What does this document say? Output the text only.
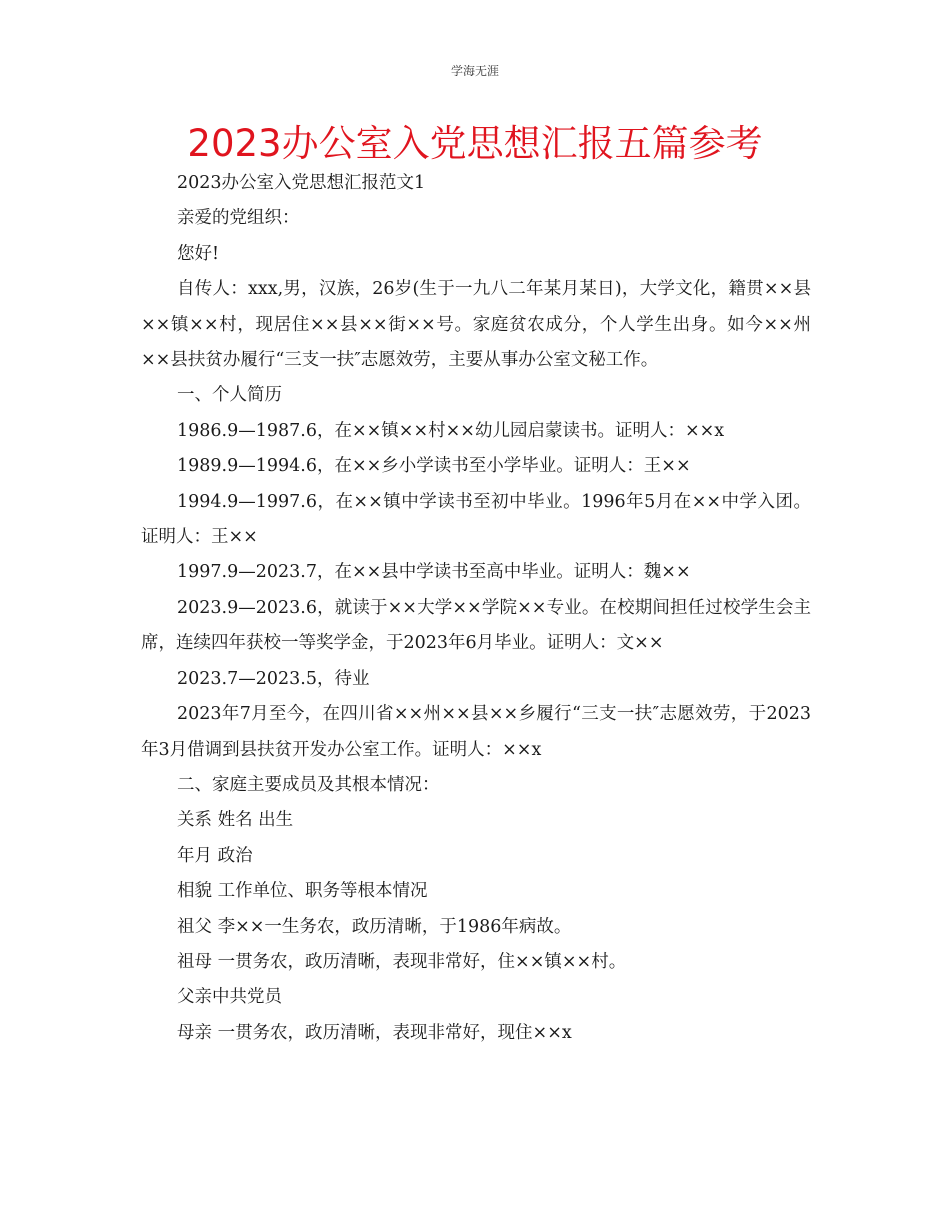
学海无涯
2023办公室入党思想汇报五篇参考

2023办公室入党思想汇报范文1

亲爱的党组织：

您好!

自传人：xxx,男，汉族，26岁(生于一九八二年某月某日)，大学文化，籍贯××县××镇××村，现居住××县××街××号。家庭贫农成分，个人学生出身。如今××州××县扶贫办履行“三支一扶″志愿效劳，主要从事办公室文秘工作。

一、个人简历

1986.9—1987.6，在××镇××村××幼儿园启蒙读书。证明人：××x

1989.9—1994.6，在××乡小学读书至小学毕业。证明人：王××

1994.9—1997.6，在××镇中学读书至初中毕业。1996年5月在××中学入团。证明人：王××

1997.9—2023.7，在××县中学读书至高中毕业。证明人：魏××

2023.9—2023.6，就读于××大学××学院××专业。在校期间担任过校学生会主席，连续四年获校一等奖学金，于2023年6月毕业。证明人：文××

2023.7—2023.5，待业

2023年7月至今，在四川省××州××县××乡履行“三支一扶″志愿效劳，于2023年3月借调到县扶贫开发办公室工作。证明人：××x

二、家庭主要成员及其根本情况：

关系 姓名 出生

年月 政治

相貌 工作单位、职务等根本情况

祖父 李××一生务农，政历清晰，于1986年病故。

祖母 一贯务农，政历清晰，表现非常好，住××镇××村。

父亲中共党员

母亲 一贯务农，政历清晰，表现非常好，现住××x
